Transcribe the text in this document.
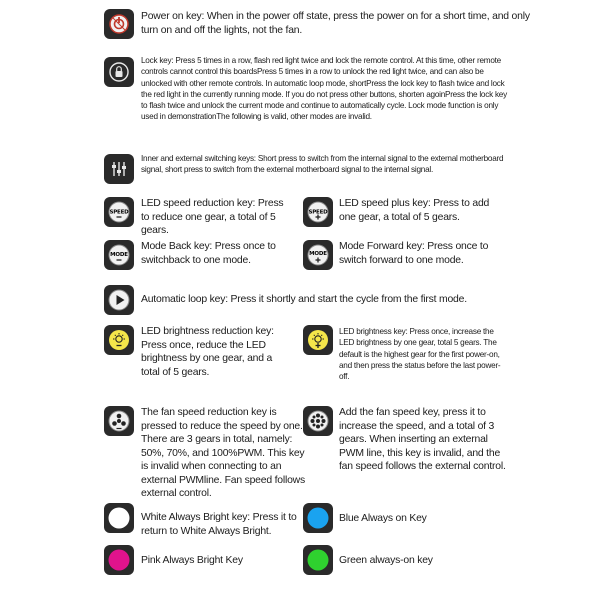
Power on key: When in the power off state, press the power on for a short time, and only turn on and off the lights, not the fan.
Lock key: Press 5 times in a row, flash red light twice and lock the remote control. At this time, other remote controls cannot control this boardsPress 5 times in a row to unlock the red light twice, and can also be unlocked with other remote controls. In automatic loop mode, shortPress the lock key to flash twice and lock the red light in the currently running mode. If you do not press other buttons, shorten agoinPress the lock key to flash twice and unlock the current mode and continue to automatically cycle. Lock mode function is only used in demonstrationThe following is valid, other modes are invalid.
Inner and external switching keys: Short press to switch from the internal signal to the external motherboard signal, short press to switch from the external motherboard signal to the internal signal.
SPEED
LED speed reduction key: Press to reduce one gear, a total of 5 gears.
SPEED
LED speed plus key: Press to add one gear, a total of 5 gears.
MODE
Mode Back key: Press once to switchback to one mode.
MODE
Mode Forward key: Press once to switch forward to one mode.
Automatic loop key: Press it shortly and start the cycle from the first mode.
LED brightness reduction key: Press once, reduce the LED brightness by one gear, and a total of 5 gears.
LED brightness key: Press once, increase the LED brightness by one gear, total 5 gears. The default is the highest gear for the first power-on, and then press the status before the last power-off.
The fan speed reduction key is pressed to reduce the speed by one. There are 3 gears in total, namely: 50%, 70%, and 100%PWM. This key is invalid when connecting to an external PWMline. Fan speed follows external control.
Add the fan speed key, press it to increase the speed, and a total of 3 gears. When inserting an external PWM line, this key is invalid, and the fan speed follows the external control.
White Always Bright key: Press it to return to White Always Bright.
Blue Always on Key
Pink Always Bright Key	Green always-on key
